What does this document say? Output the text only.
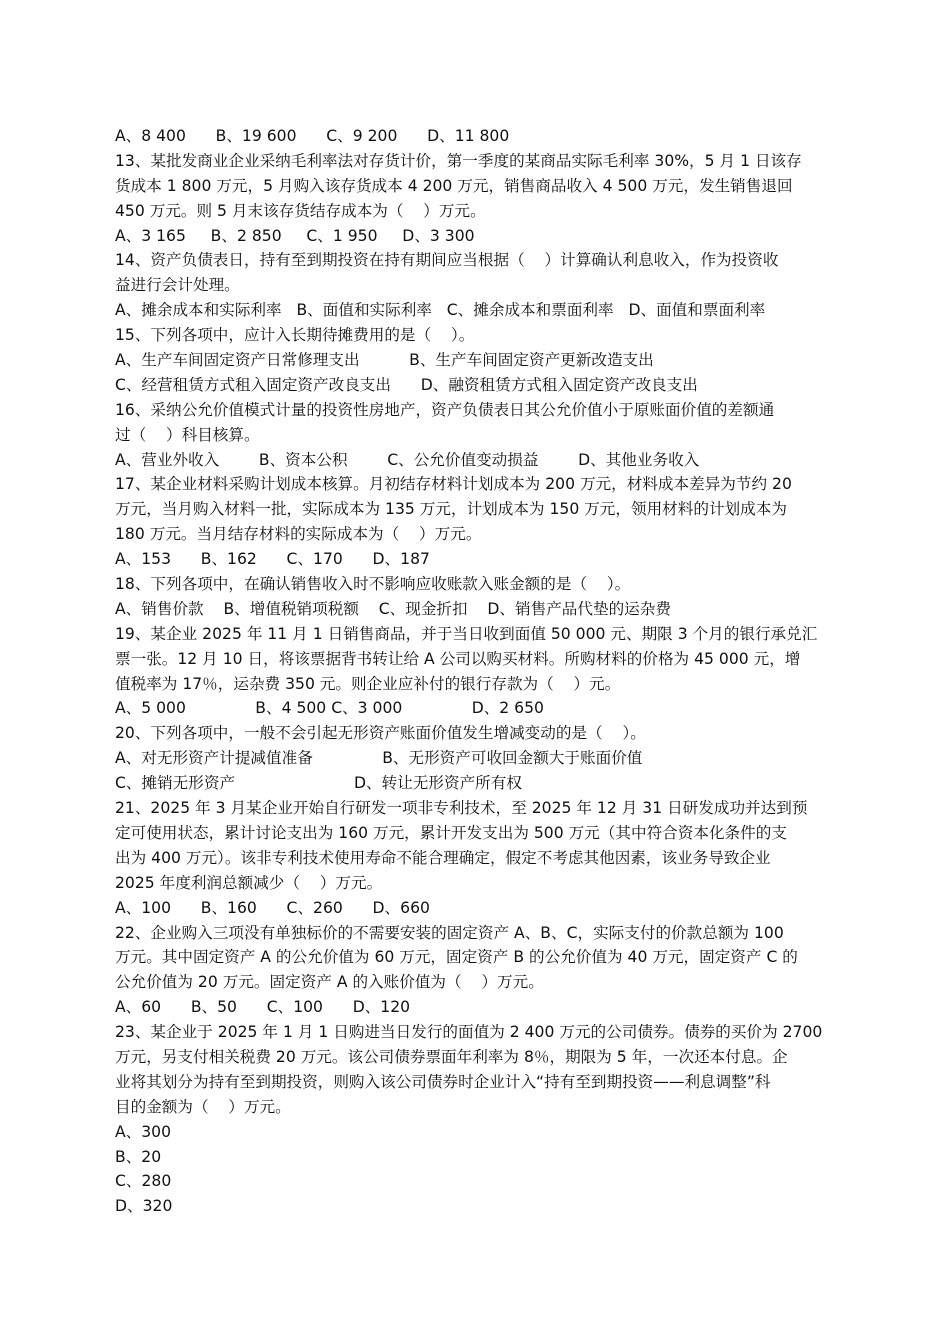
A、8 400      B、19 600      C、9 200      D、11 800
13、某批发商业企业采纳毛利率法对存货计价，第一季度的某商品实际毛利率 30%，5 月 1 日该存
货成本 1 800 万元，5 月购入该存货成本 4 200 万元，销售商品收入 4 500 万元，发生销售退回
450 万元。则 5 月末该存货结存成本为（    ）万元。
A、3 165     B、2 850     C、1 950     D、3 300
14、资产负债表日，持有至到期投资在持有期间应当根据（    ）计算确认利息收入，作为投资收
益进行会计处理。
A、摊余成本和实际利率   B、面值和实际利率   C、摊余成本和票面利率   D、面值和票面利率
15、下列各项中，应计入长期待摊费用的是（    ）。
A、生产车间固定资产日常修理支出          B、生产车间固定资产更新改造支出
C、经营租赁方式租入固定资产改良支出      D、融资租赁方式租入固定资产改良支出
16、采纳公允价值模式计量的投资性房地产，资产负债表日其公允价值小于原账面价值的差额通
过（    ）科目核算。
A、营业外收入        B、资本公积        C、公允价值变动损益        D、其他业务收入
17、某企业材料采购计划成本核算。月初结存材料计划成本为 200 万元，材料成本差异为节约 20
万元，当月购入材料一批，实际成本为 135 万元，计划成本为 150 万元，领用材料的计划成本为
180 万元。当月结存材料的实际成本为（    ）万元。
A、153      B、162      C、170      D、187
18、下列各项中，在确认销售收入时不影响应收账款入账金额的是（    ）。
A、销售价款    B、增值税销项税额    C、现金折扣    D、销售产品代垫的运杂费
19、某企业 2025 年 11 月 1 日销售商品，并于当日收到面值 50 000 元、期限 3 个月的银行承兑汇
票一张。12 月 10 日，将该票据背书转让给 A 公司以购买材料。所购材料的价格为 45 000 元，增
值税率为 17％，运杂费 350 元。则企业应补付的银行存款为（    ）元。
A、5 000              B、4 500 C、3 000              D、2 650
20、下列各项中，一般不会引起无形资产账面价值发生增减变动的是（    ）。
A、对无形资产计提减值准备              B、无形资产可收回金额大于账面价值
C、摊销无形资产                        D、转让无形资产所有权
21、2025 年 3 月某企业开始自行研发一项非专利技术，至 2025 年 12 月 31 日研发成功并达到预
定可使用状态，累计讨论支出为 160 万元，累计开发支出为 500 万元（其中符合资本化条件的支
出为 400 万元）。该非专利技术使用寿命不能合理确定，假定不考虑其他因素，该业务导致企业
2025 年度利润总额减少（    ）万元。
A、100      B、160      C、260      D、660
22、企业购入三项没有单独标价的不需要安装的固定资产 A、B、C，实际支付的价款总额为 100
万元。其中固定资产 A 的公允价值为 60 万元，固定资产 B 的公允价值为 40 万元，固定资产 C 的
公允价值为 20 万元。固定资产 A 的入账价值为（    ）万元。
A、60      B、50      C、100      D、120
23、某企业于 2025 年 1 月 1 日购进当日发行的面值为 2 400 万元的公司债券。债券的买价为 2700
万元，另支付相关税费 20 万元。该公司债券票面年利率为 8％，期限为 5 年，一次还本付息。企
业将其划分为持有至到期投资，则购入该公司债券时企业计入“持有至到期投资——利息调整”科
目的金额为（    ）万元。
A、300
B、20
C、280
D、320
